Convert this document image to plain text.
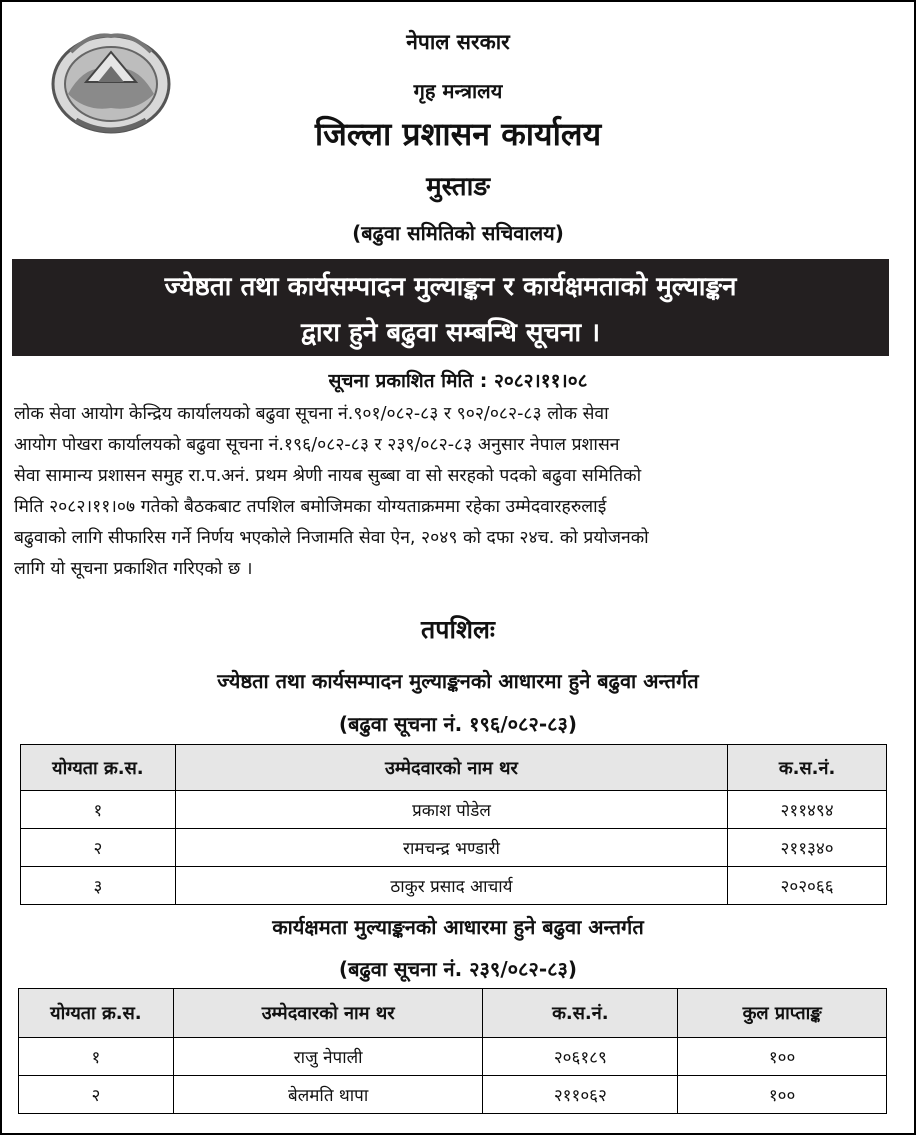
नेपाल सरकार
गृह मन्त्रालय
जिल्ला प्रशासन कार्यालय
मुस्ताङ
(बढुवा समितिको सचिवालय)
ज्येष्ठता तथा कार्यसम्पादन मुल्याङ्कन र कार्यक्षमताको मुल्याङ्कन
द्वारा हुने बढुवा सम्बन्धि सूचना ।
सूचना प्रकाशित मिति : २०८२।११।०८
लोक सेवा आयोग केन्द्रिय कार्यालयको बढुवा सूचना नं.९०१/०८२-८३ र ९०२/०८२-८३ लोक सेवा
आयोग पोखरा कार्यालयको बढुवा सूचना नं.१९६/०८२-८३ र २३९/०८२-८३ अनुसार नेपाल प्रशासन
सेवा सामान्य प्रशासन समुह रा.प.अनं. प्रथम श्रेणी नायब सुब्बा वा सो सरहको पदको बढुवा समितिको
मिति २०८२।११।०७ गतेको बैठकबाट तपशिल बमोजिमका योग्यताक्रममा रहेका उम्मेदवारहरुलाई
बढुवाको लागि सीफारिस गर्ने निर्णय भएकोले निजामति सेवा ऐन, २०४९ को दफा २४च. को प्रयोजनको
लागि यो सूचना प्रकाशित गरिएको छ ।
तपशिलः
ज्येष्ठता तथा कार्यसम्पादन मुल्याङ्कनको आधारमा हुने बढुवा अन्तर्गत
(बढुवा सूचना नं. १९६/०८२-८३)
योग्यता क्र.स.	उम्मेदवारको नाम थर	क.स.नं.
१	प्रकाश पोडेल	२११४९४
२	रामचन्द्र भण्डारी	२११३४०
३	ठाकुर प्रसाद आचार्य	२०२०६६
कार्यक्षमता मुल्याङ्कनको आधारमा हुने बढुवा अन्तर्गत
(बढुवा सूचना नं. २३९/०८२-८३)
योग्यता क्र.स.	उम्मेदवारको नाम थर	क.स.नं.	कुल प्राप्ताङ्क
१	राजु नेपाली	२०६१८९	१००
२	बेलमति थापा	२११०६२	१००
